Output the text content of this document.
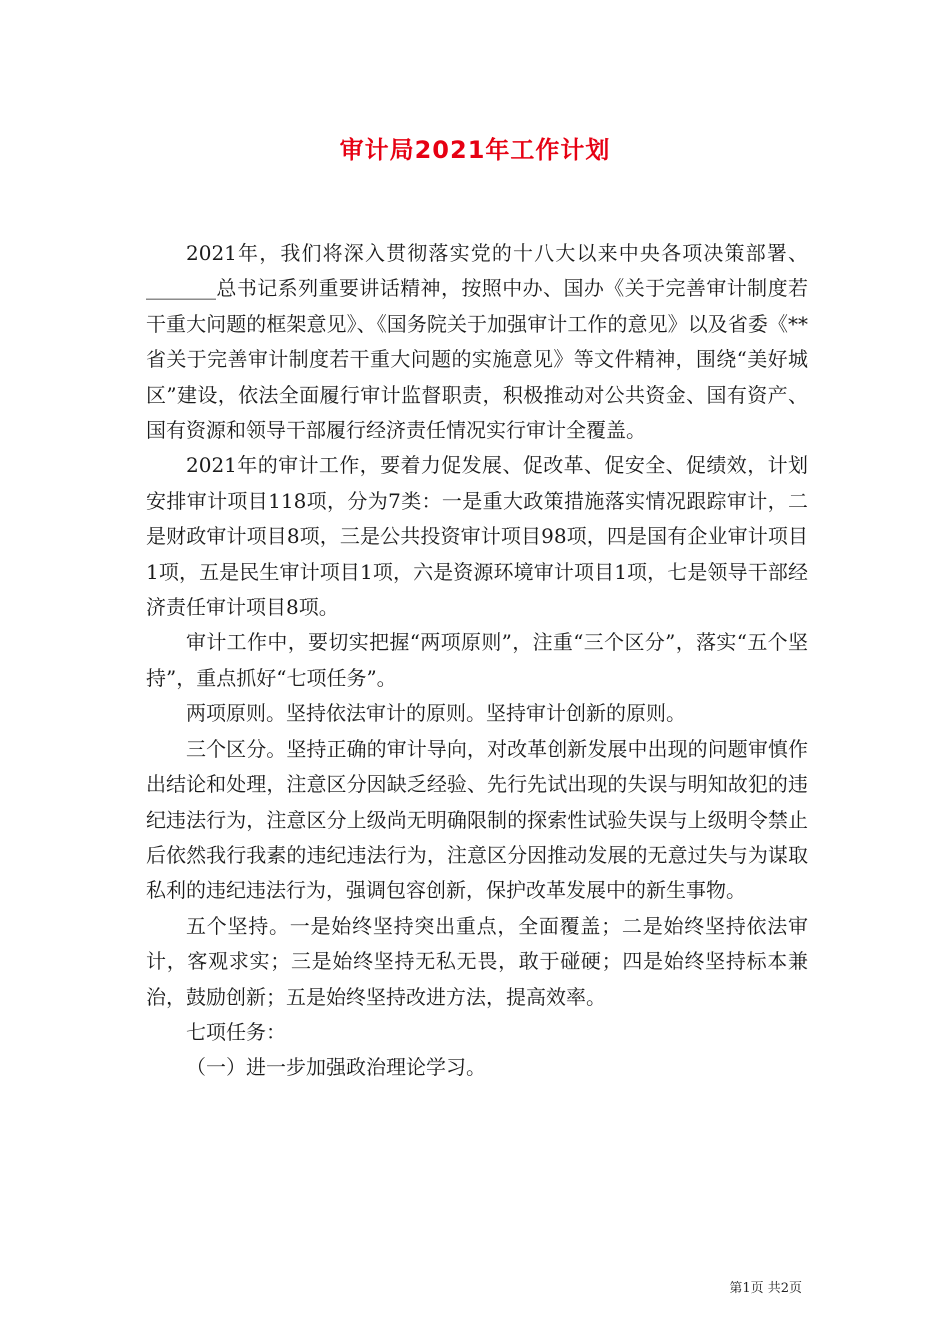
审计局2021年工作计划

2021年，我们将深入贯彻落实党的十八大以来中央各项决策部署、_______总书记系列重要讲话精神，按照中办、国办《关于完善审计制度若干重大问题的框架意见》、《国务院关于加强审计工作的意见》以及省委《**省关于完善审计制度若干重大问题的实施意见》等文件精神，围绕“美好城区”建设，依法全面履行审计监督职责，积极推动对公共资金、国有资产、国有资源和领导干部履行经济责任情况实行审计全覆盖。

2021年的审计工作，要着力促发展、促改革、促安全、促绩效，计划安排审计项目118项，分为7类：一是重大政策措施落实情况跟踪审计，二是财政审计项目8项，三是公共投资审计项目98项，四是国有企业审计项目1项，五是民生审计项目1项，六是资源环境审计项目1项，七是领导干部经济责任审计项目8项。

审计工作中，要切实把握“两项原则”，注重“三个区分”，落实“五个坚持”，重点抓好“七项任务”。

两项原则。坚持依法审计的原则。坚持审计创新的原则。

三个区分。坚持正确的审计导向，对改革创新发展中出现的问题审慎作出结论和处理，注意区分因缺乏经验、先行先试出现的失误与明知故犯的违纪违法行为，注意区分上级尚无明确限制的探索性试验失误与上级明令禁止后依然我行我素的违纪违法行为，注意区分因推动发展的无意过失与为谋取私利的违纪违法行为，强调包容创新，保护改革发展中的新生事物。

五个坚持。一是始终坚持突出重点，全面覆盖；二是始终坚持依法审计，客观求实；三是始终坚持无私无畏，敢于碰硬；四是始终坚持标本兼治，鼓励创新；五是始终坚持改进方法，提高效率。

七项任务：

（一）进一步加强政治理论学习。

第1页 共2页
